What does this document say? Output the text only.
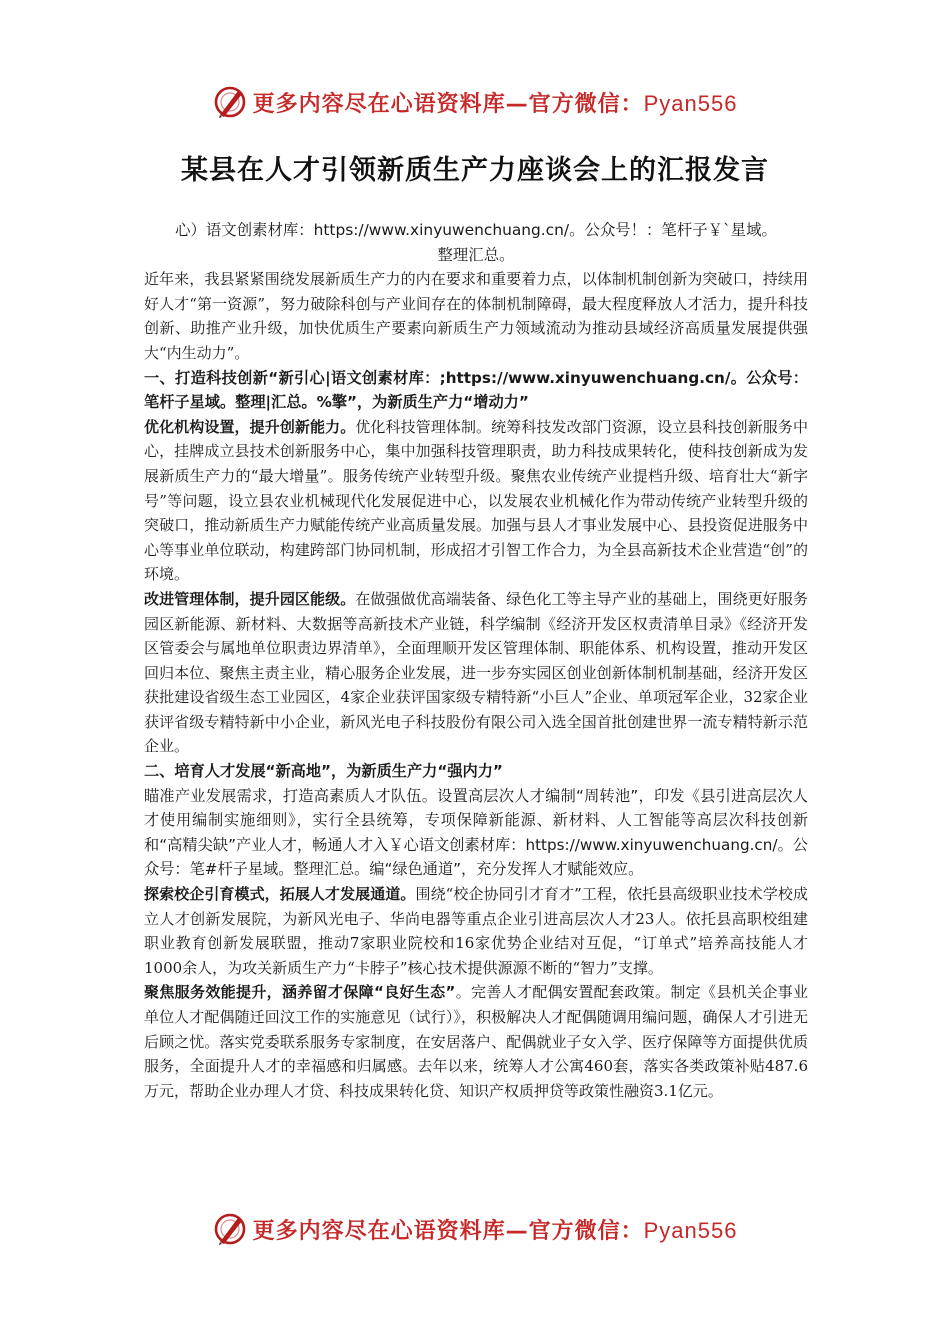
更多内容尽在心语资料库—官方微信：Pyan556
某县在人才引领新质生产力座谈会上的汇报发言

心）语文创素材库：https://www.xinyuwenchuang.cn/。公众号！：笔杆子￥`星域。

整理汇总。

近年来，我县紧紧围绕发展新质生产力的内在要求和重要着力点，以体制机制创新为突破口，持续用好人才“第一资源”，努力破除科创与产业间存在的体制机制障碍，最大程度释放人才活力，提升科技创新、助推产业升级，加快优质生产要素向新质生产力领域流动为推动县域经济高质量发展提供强大“内生动力”。

一、打造科技创新“新引心|语文创素材库：;https://www.xinyuwenchuang.cn/。公众号：笔杆子星域。整理|汇总。%擎”，为新质生产力“增动力”

优化机构设置，提升创新能力。优化科技管理体制。统筹科技发改部门资源，设立县科技创新服务中心，挂牌成立县技术创新服务中心，集中加强科技管理职责，助力科技成果转化，使科技创新成为发展新质生产力的“最大增量”。服务传统产业转型升级。聚焦农业传统产业提档升级、培育壮大“新字号”等问题，设立县农业机械现代化发展促进中心，以发展农业机械化作为带动传统产业转型升级的突破口，推动新质生产力赋能传统产业高质量发展。加强与县人才事业发展中心、县投资促进服务中心等事业单位联动，构建跨部门协同机制，形成招才引智工作合力，为全县高新技术企业营造“创”的环境。

改进管理体制，提升园区能级。在做强做优高端装备、绿色化工等主导产业的基础上，围绕更好服务园区新能源、新材料、大数据等高新技术产业链，科学编制《经济开发区权责清单目录》《经济开发区管委会与属地单位职责边界清单》，全面理顺开发区管理体制、职能体系、机构设置，推动开发区回归本位、聚焦主责主业，精心服务企业发展，进一步夯实园区创业创新体制机制基础，经济开发区获批建设省级生态工业园区，4家企业获评国家级专精特新“小巨人”企业、单项冠军企业，32家企业获评省级专精特新中小企业，新风光电子科技股份有限公司入选全国首批创建世界一流专精特新示范企业。

二、培育人才发展“新高地”，为新质生产力“强内力”

瞄准产业发展需求，打造高素质人才队伍。设置高层次人才编制“周转池”，印发《县引进高层次人才使用编制实施细则》，实行全县统筹，专项保障新能源、新材料、人工智能等高层次科技创新和“高精尖缺”产业人才，畅通人才入￥心语文创素材库：https://www.xinyuwenchuang.cn/。公众号：笔#杆子星域。整理汇总。编“绿色通道”，充分发挥人才赋能效应。

探索校企引育模式，拓展人才发展通道。围绕“校企协同引才育才”工程，依托县高级职业技术学校成立人才创新发展院，为新风光电子、华尚电器等重点企业引进高层次人才23人。依托县高职校组建职业教育创新发展联盟，推动7家职业院校和16家优势企业结对互促，“订单式”培养高技能人才1000余人，为攻关新质生产力“卡脖子”核心技术提供源源不断的“智力”支撑。

聚焦服务效能提升，涵养留才保障“良好生态”。完善人才配偶安置配套政策。制定《县机关企事业单位人才配偶随迁回汶工作的实施意见（试行）》，积极解决人才配偶随调用编问题，确保人才引进无后顾之忧。落实党委联系服务专家制度，在安居落户、配偶就业子女入学、医疗保障等方面提供优质服务，全面提升人才的幸福感和归属感。去年以来，统筹人才公寓460套，落实各类政策补贴487.6万元，帮助企业办理人才贷、科技成果转化贷、知识产权质押贷等政策性融资3.1亿元。

更多内容尽在心语资料库—官方微信：Pyan556
